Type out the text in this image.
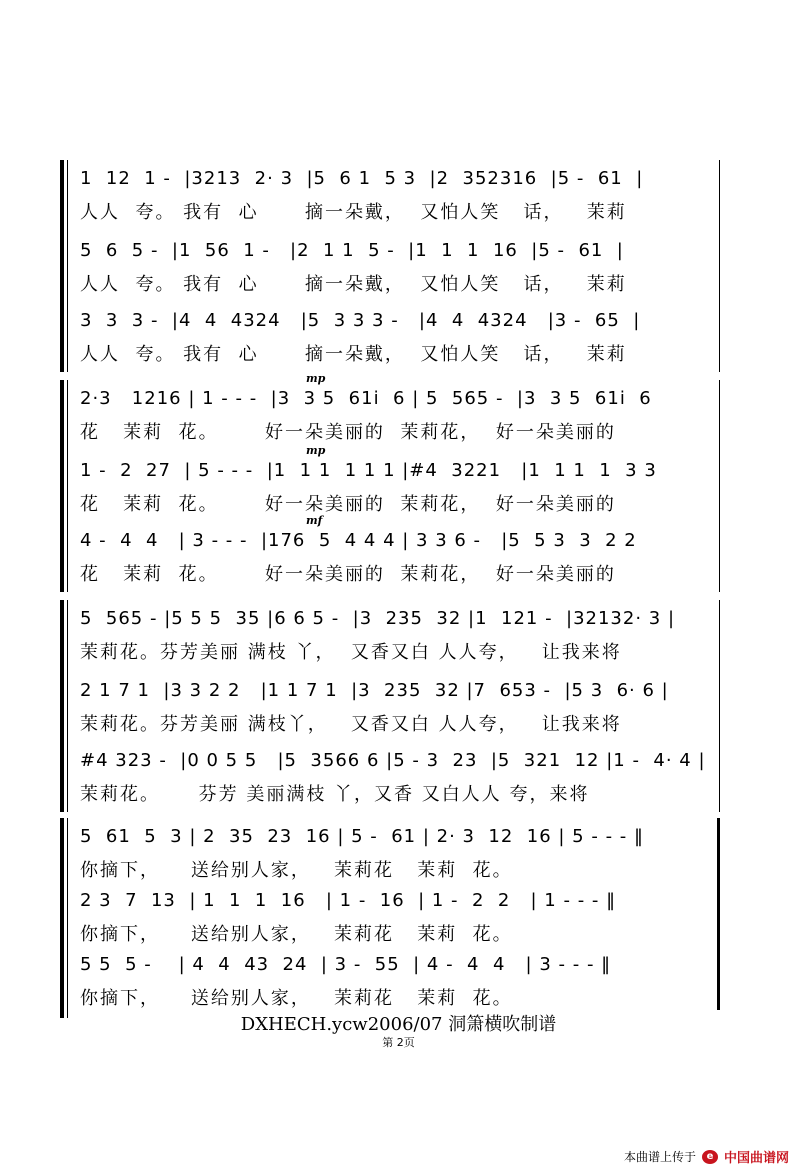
1  12  1 -  |3213  2· 3  |5  6 1  5 3  |2  352316  |5 -  61  |
人人  夸。 我有  心      摘一朵戴，  又怕人笑   话，   茉莉
5  6  5 -  |1  56  1 -   |2  1 1  5 -  |1  1  1  16  |5 -  61  |
人人  夸。 我有  心      摘一朵戴，  又怕人笑   话，   茉莉
3  3  3 -  |4  4  4324   |5  3 3 3 -   |4  4  4324   |3 -  65  |
人人  夸。 我有  心      摘一朵戴，  又怕人笑   话，   茉莉
mp
mp
mf
2·3   1216 | 1 - - -  |3  3 5  61i  6 | 5  565 -  |3  3 5  61i  6
花   茉莉  花。      好一朵美丽的  茉莉花，  好一朵美丽的
1 -  2  27  | 5 - - -  |1  1 1  1 1 1 |#4  3221   |1  1 1  1  3 3
花   茉莉  花。      好一朵美丽的  茉莉花，  好一朵美丽的
4 -  4  4   | 3 - - -  |176  5  4 4 4 | 3 3 6 -   |5  5 3  3  2 2
花   茉莉  花。      好一朵美丽的  茉莉花，  好一朵美丽的
5  565 - |5 5 5  35 |6 6 5 -  |3  235  32 |1  121 -  |32132· 3 |
茉莉花。芬芳美丽 满枝 丫，  又香又白 人人夸，   让我来将
2 1 7 1  |3 3 2 2   |1 1 7 1  |3  235  32 |7  653 -  |5 3  6· 6 |
茉莉花。芬芳美丽 满枝丫，   又香又白 人人夸，   让我来将
#4 323 -  |0 0 5 5   |5  3566 6 |5 - 3  23  |5  321  12 |1 -  4· 4 |
茉莉花。     芬芳 美丽满枝 丫，又香 又白人人 夸，来将
5  61  5  3 | 2  35  23  16 | 5 -  61 | 2· 3  12  16 | 5 - - - ‖
你摘下，    送给别人家，   茉莉花   茉莉  花。
2 3  7  13  | 1  1  1  16   | 1 -  16  | 1 -  2  2   | 1 - - - ‖
你摘下，    送给别人家，   茉莉花   茉莉  花。
5 5  5 -    | 4  4  43  24  | 3 -  55  | 4 -  4  4   | 3 - - - ‖
你摘下，    送给别人家，   茉莉花   茉莉  花。
DXHECH.ycw2006/07 洞箫横吹制谱
第 2页
本曲谱上传于	e 中国曲谱网
